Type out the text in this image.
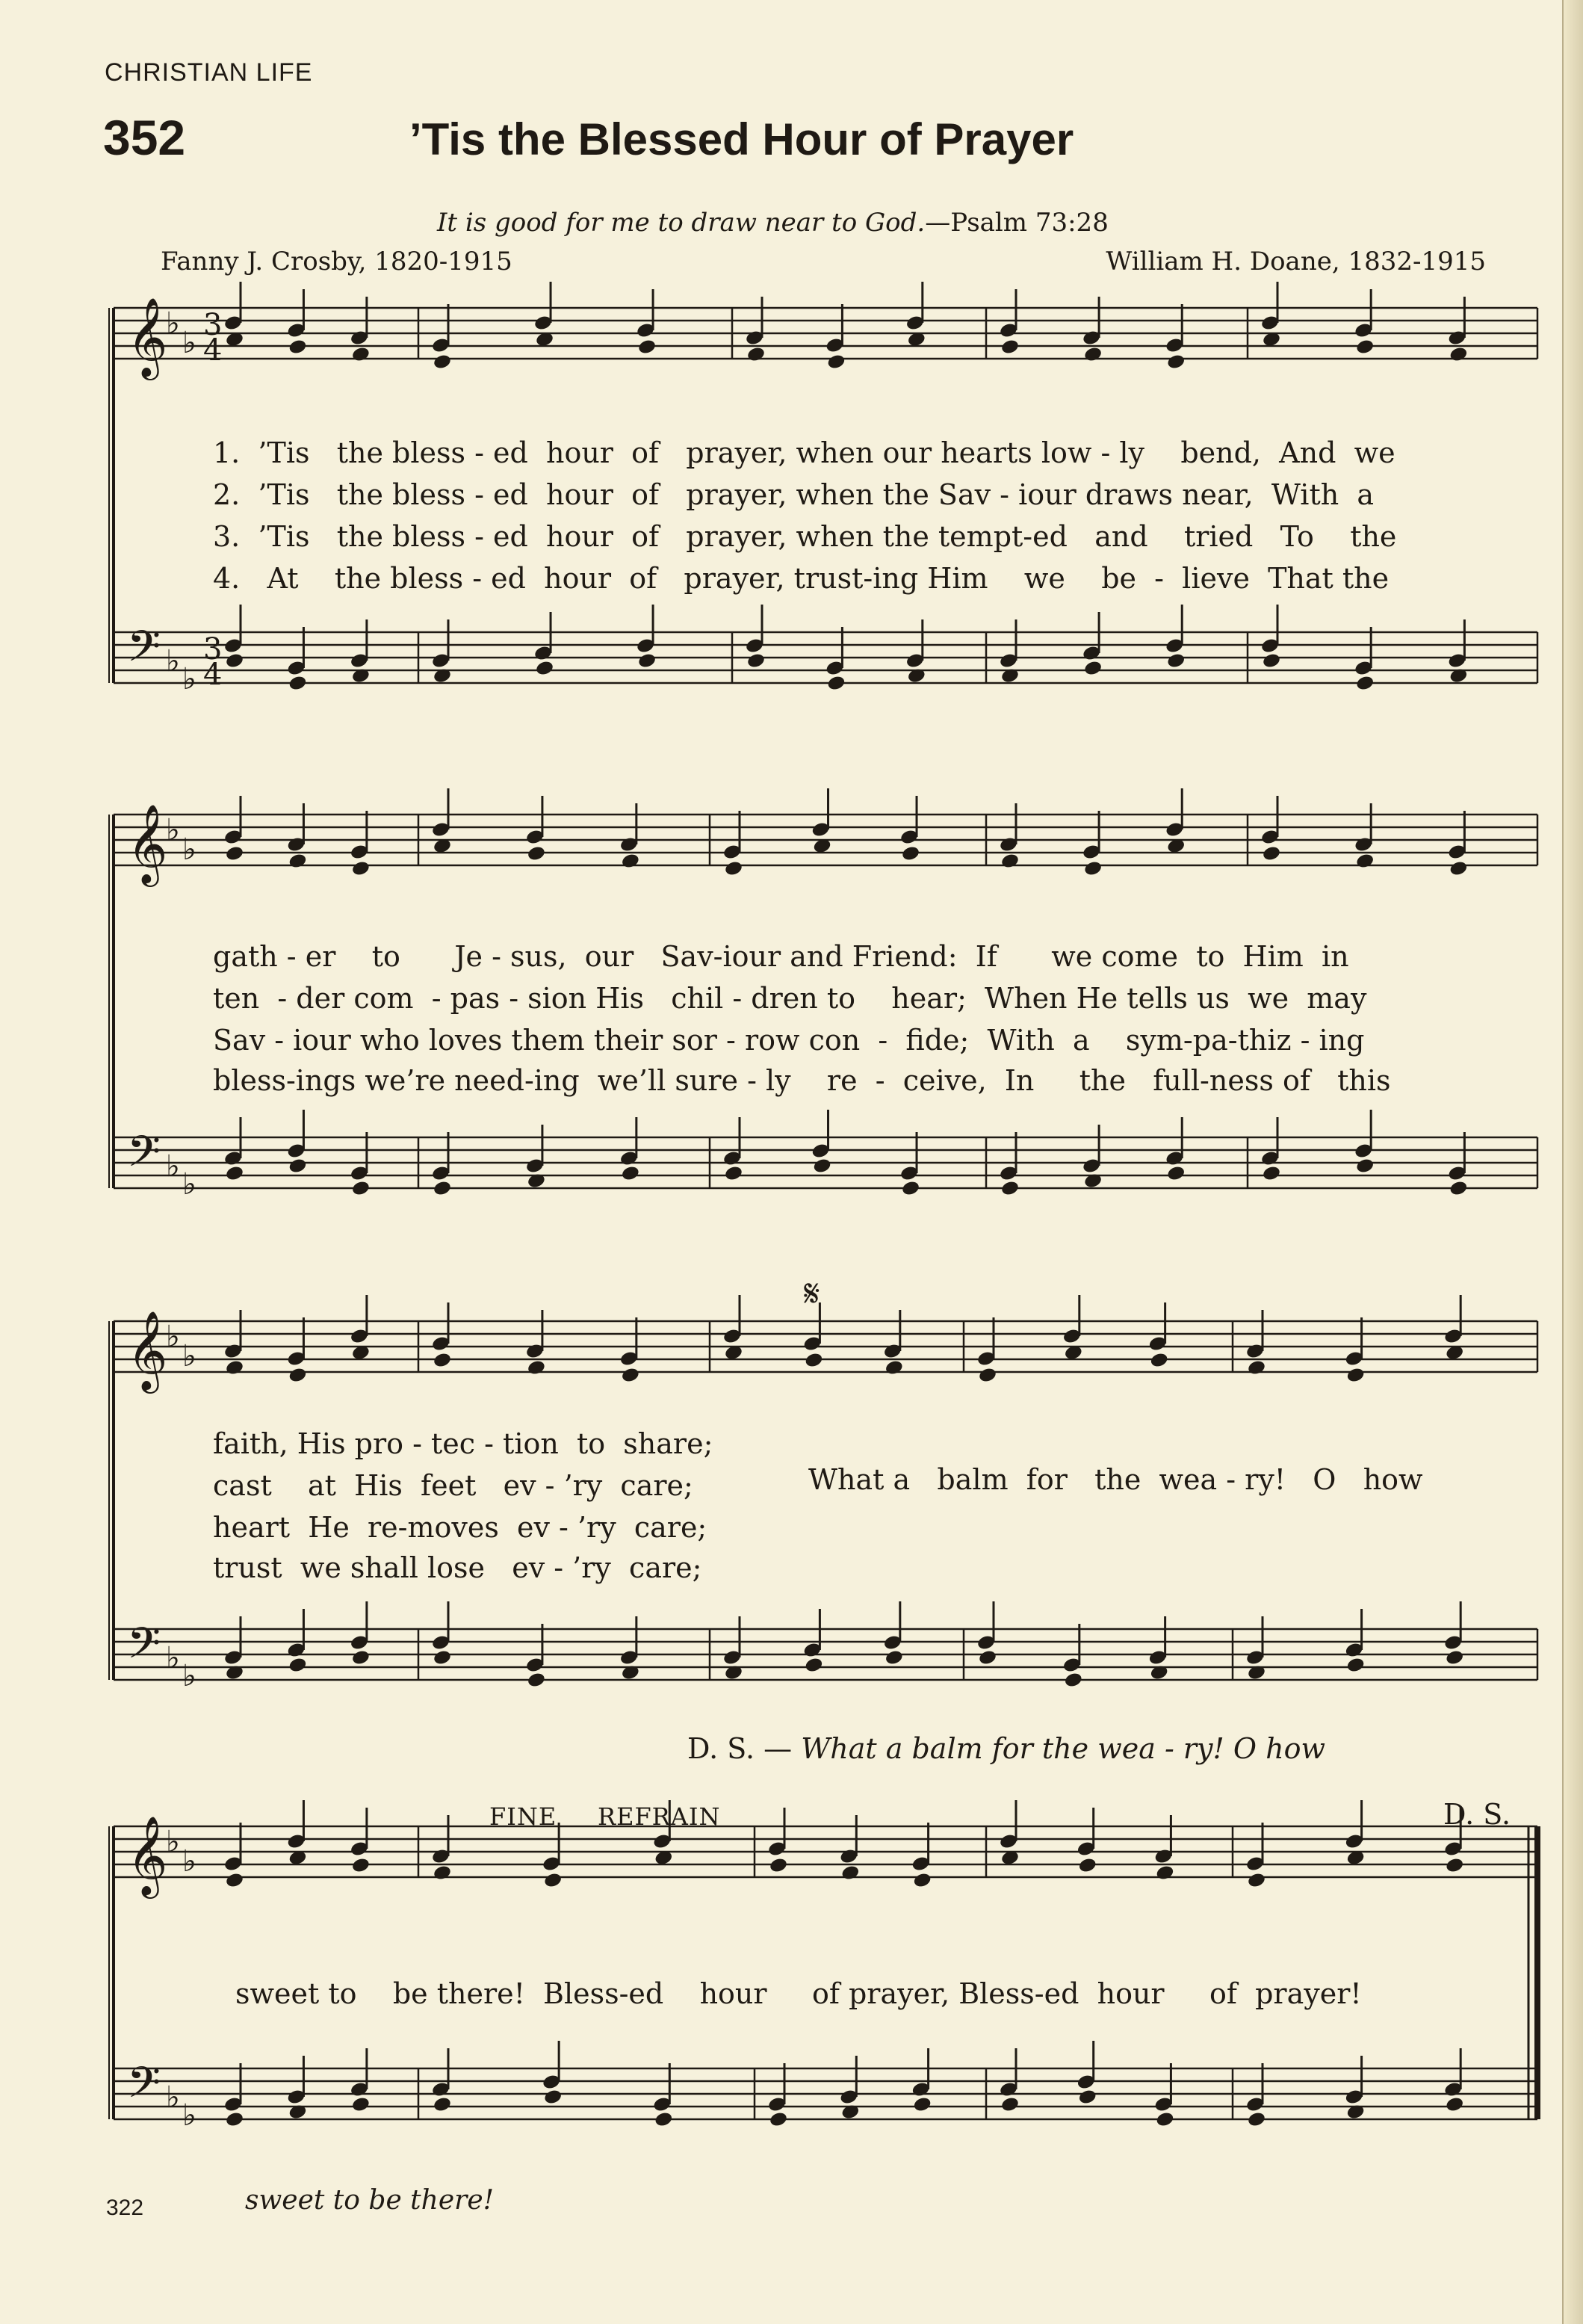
CHRISTIAN LIFE
352	’Tis the Blessed Hour of Prayer
It is good for me to draw near to God.—Psalm 73:28
Fanny J. Crosby, 1820-1915	William H. Doane, 1832-1915
𝄞
𝄢
♭
♭
♭
♭
3
4
3
4
𝄞
𝄢
♭
♭
♭
♭
𝄞
𝄢
♭
♭
♭
♭
𝄞
𝄢
♭
♭
♭
♭
𝄋
1.  ’Tis   the bless - ed  hour  of   prayer, when our hearts low - ly    bend,  And  we
2.  ’Tis   the bless - ed  hour  of   prayer, when the Sav - iour draws near,  With  a
3.  ’Tis   the bless - ed  hour  of   prayer, when the tempt-ed   and    tried   To    the
4.   At    the bless - ed  hour  of   prayer, trust-ing Him    we    be  -  lieve  That the
gath - er    to      Je - sus,  our   Sav-iour and Friend:  If      we come  to  Him  in
ten  - der com  - pas - sion His   chil - dren to    hear;  When He tells us  we  may
Sav - iour who loves them their sor - row con  -  fide;  With  a    sym-pa-thiz - ing
bless-ings we’re need-ing  we’ll sure - ly    re  -  ceive,  In     the   full-ness of   this
faith, His pro - tec - tion  to  share;
cast    at  His  feet   ev - ’ry  care;
heart  He  re-moves  ev - ’ry  care;
trust  we shall lose   ev - ’ry  care;
What a   balm  for   the  wea - ry!   O   how
D. S. — What a balm for the wea - ry! O how
FINE REFRAIN	D. S.
sweet to    be there!  Bless-ed    hour     of prayer, Bless-ed  hour     of  prayer!
sweet to be there!
322
